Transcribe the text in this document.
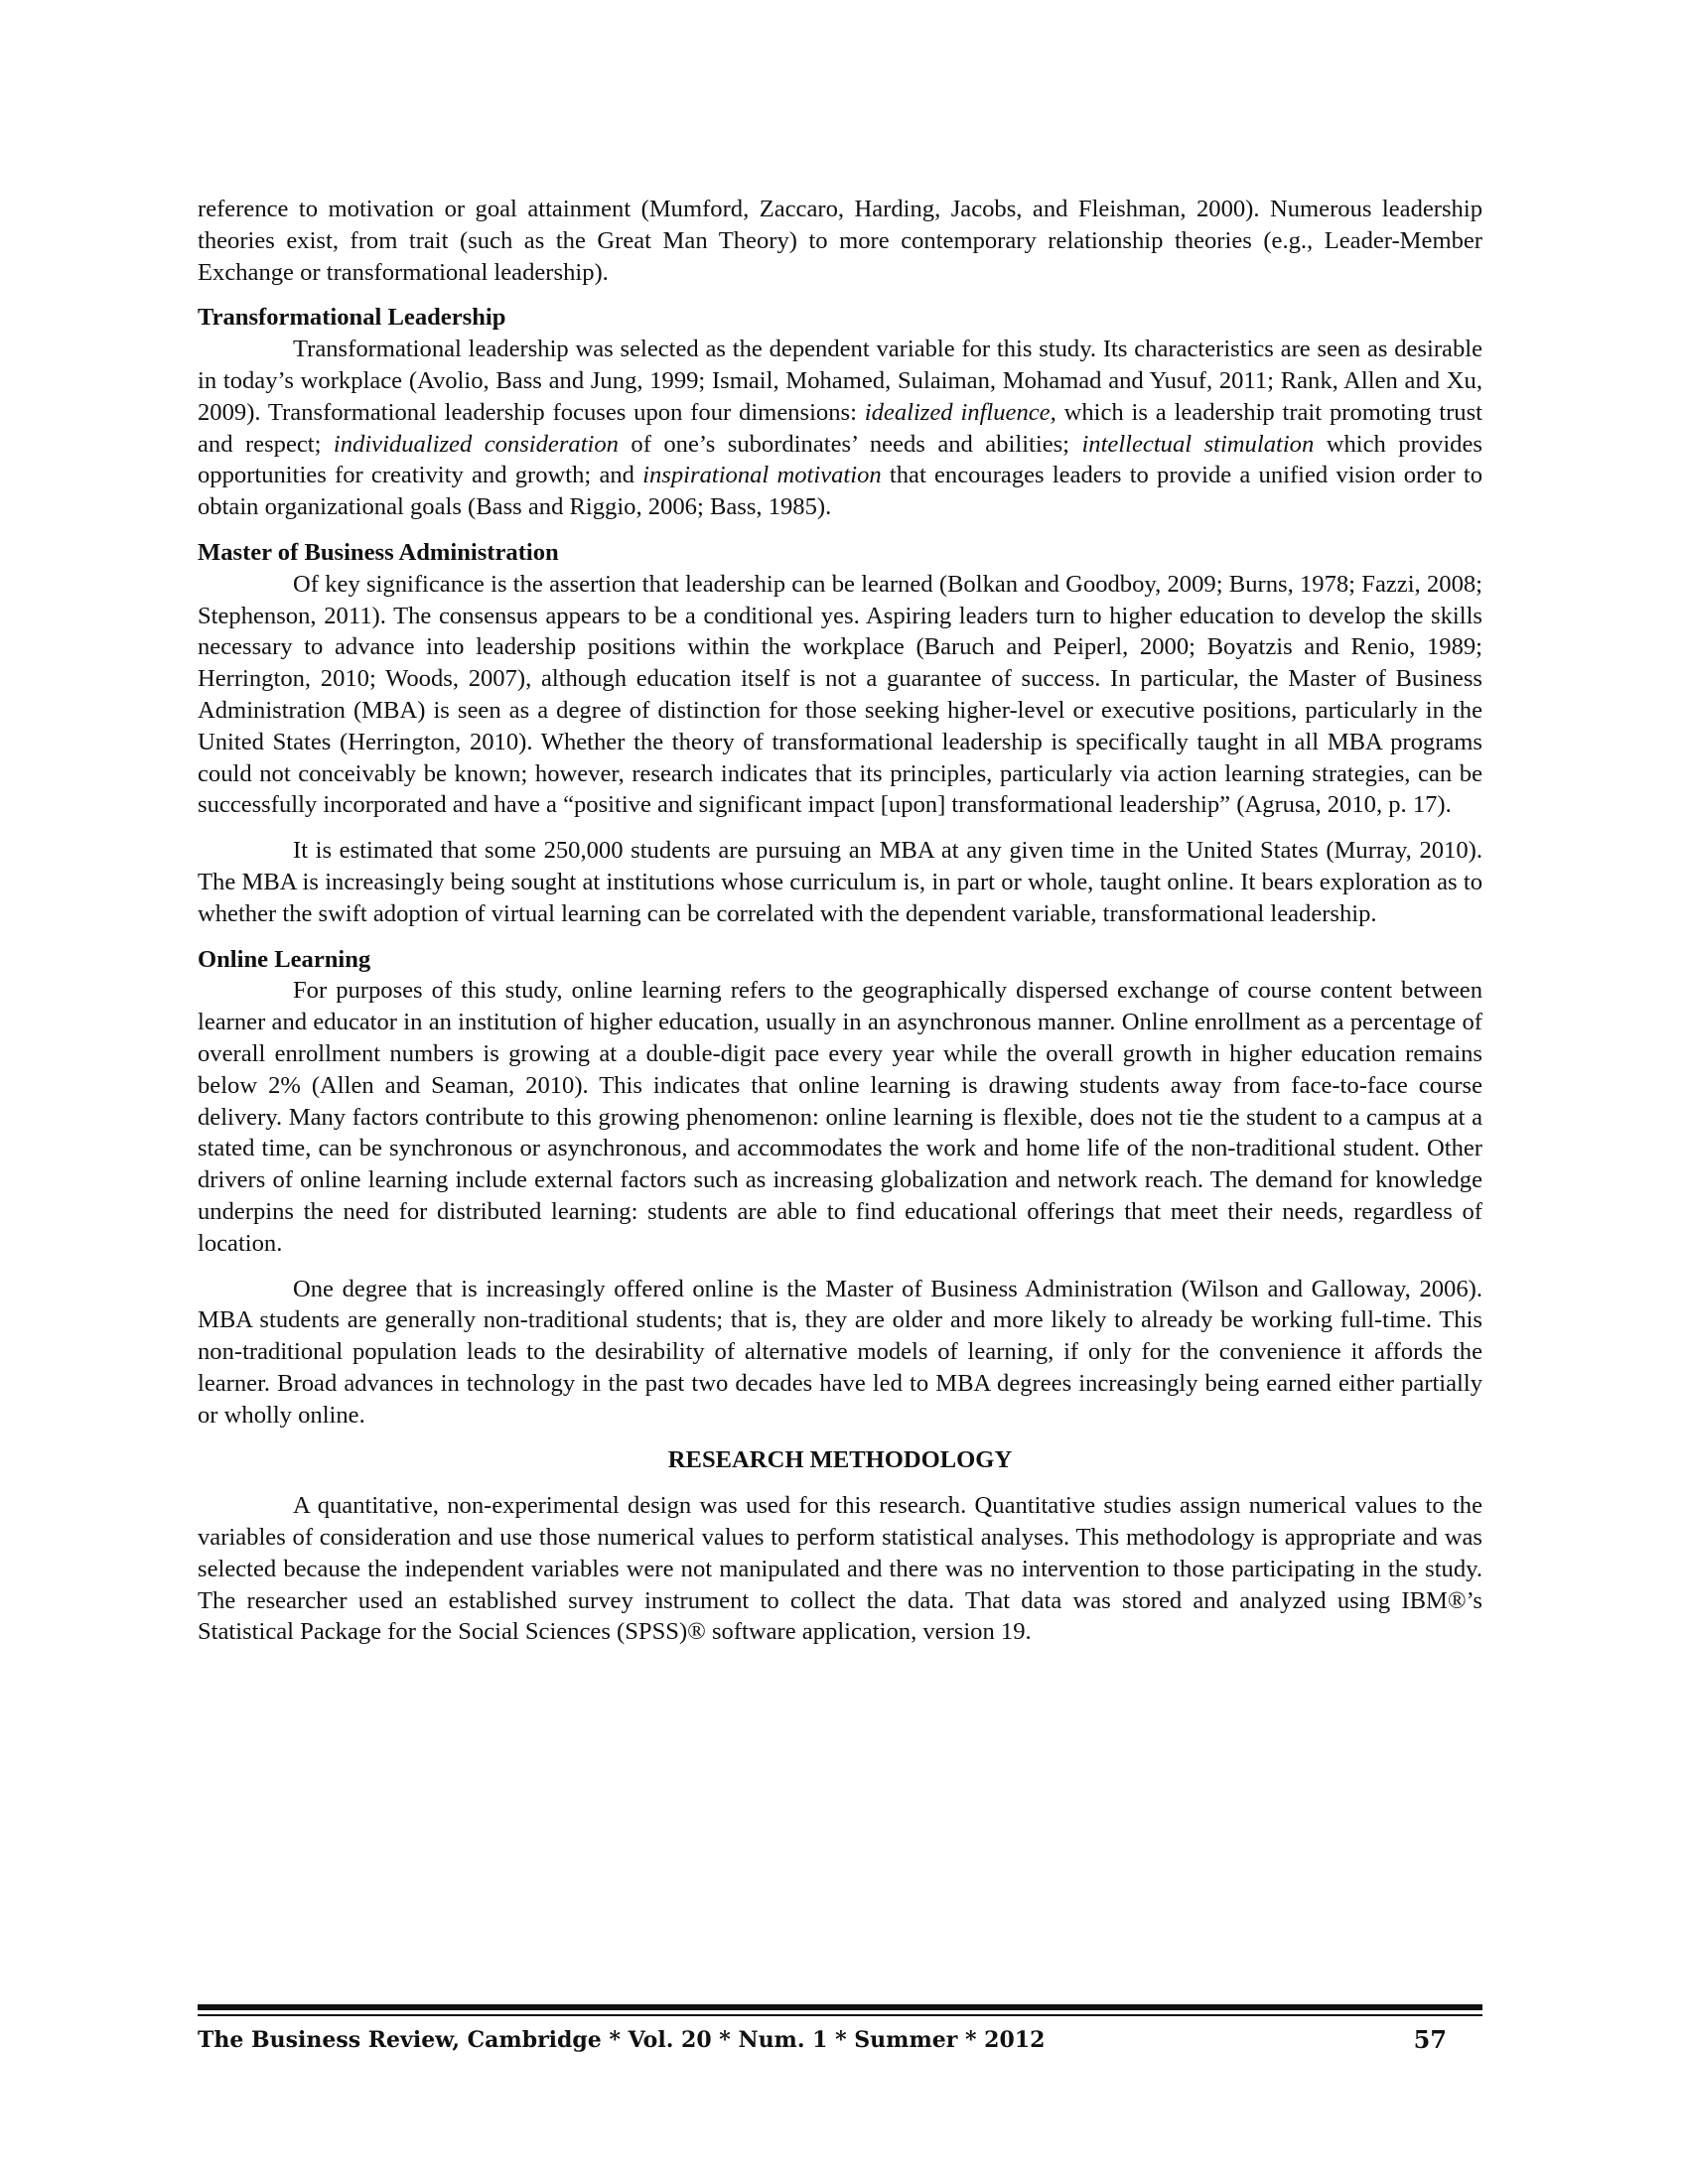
reference to motivation or goal attainment (Mumford, Zaccaro, Harding, Jacobs, and Fleishman, 2000). Numerous leadership theories exist, from trait (such as the Great Man Theory) to more contemporary relationship theories (e.g., Leader-Member Exchange or transformational leadership).

Transformational Leadership

Transformational leadership was selected as the dependent variable for this study. Its characteristics are seen as desirable in today’s workplace (Avolio, Bass and Jung, 1999; Ismail, Mohamed, Sulaiman, Mohamad and Yusuf, 2011; Rank, Allen and Xu, 2009). Transformational leadership focuses upon four dimensions: idealized influence, which is a leadership trait promoting trust and respect; individualized consideration of one’s subordinates’ needs and abilities; intellectual stimulation which provides opportunities for creativity and growth; and inspirational motivation that encourages leaders to provide a unified vision order to obtain organizational goals (Bass and Riggio, 2006; Bass, 1985).

Master of Business Administration

Of key significance is the assertion that leadership can be learned (Bolkan and Goodboy, 2009; Burns, 1978; Fazzi, 2008; Stephenson, 2011). The consensus appears to be a conditional yes. Aspiring leaders turn to higher education to develop the skills necessary to advance into leadership positions within the workplace (Baruch and Peiperl, 2000; Boyatzis and Renio, 1989; Herrington, 2010; Woods, 2007), although education itself is not a guarantee of success. In particular, the Master of Business Administration (MBA) is seen as a degree of distinction for those seeking higher-level or executive positions, particularly in the United States (Herrington, 2010). Whether the theory of transformational leadership is specifically taught in all MBA programs could not conceivably be known; however, research indicates that its principles, particularly via action learning strategies, can be successfully incorporated and have a “positive and significant impact [upon] transformational leadership” (Agrusa, 2010, p. 17).

It is estimated that some 250,000 students are pursuing an MBA at any given time in the United States (Murray, 2010). The MBA is increasingly being sought at institutions whose curriculum is, in part or whole, taught online. It bears exploration as to whether the swift adoption of virtual learning can be correlated with the dependent variable, transformational leadership.

Online Learning

For purposes of this study, online learning refers to the geographically dispersed exchange of course content between learner and educator in an institution of higher education, usually in an asynchronous manner. Online enrollment as a percentage of overall enrollment numbers is growing at a double-digit pace every year while the overall growth in higher education remains below 2% (Allen and Seaman, 2010). This indicates that online learning is drawing students away from face-to-face course delivery. Many factors contribute to this growing phenomenon: online learning is flexible, does not tie the student to a campus at a stated time, can be synchronous or asynchronous, and accommodates the work and home life of the non-traditional student. Other drivers of online learning include external factors such as increasing globalization and network reach. The demand for knowledge underpins the need for distributed learning: students are able to find educational offerings that meet their needs, regardless of location.

One degree that is increasingly offered online is the Master of Business Administration (Wilson and Galloway, 2006). MBA students are generally non-traditional students; that is, they are older and more likely to already be working full-time. This non-traditional population leads to the desirability of alternative models of learning, if only for the convenience it affords the learner. Broad advances in technology in the past two decades have led to MBA degrees increasingly being earned either partially or wholly online.

RESEARCH METHODOLOGY

A quantitative, non-experimental design was used for this research. Quantitative studies assign numerical values to the variables of consideration and use those numerical values to perform statistical analyses. This methodology is appropriate and was selected because the independent variables were not manipulated and there was no intervention to those participating in the study. The researcher used an established survey instrument to collect the data. That data was stored and analyzed using IBM®’s Statistical Package for the Social Sciences (SPSS)® software application, version 19.

The Business Review, Cambridge * Vol. 20 * Num. 1 * Summer * 2012	57
